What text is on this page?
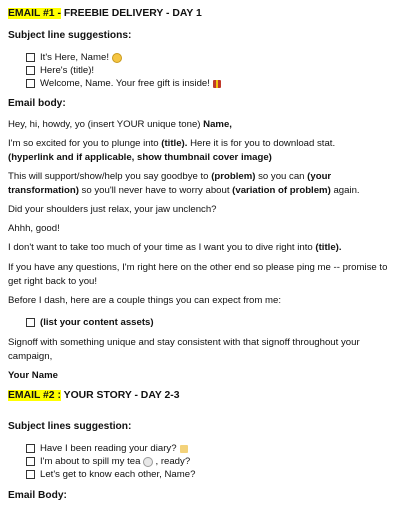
EMAIL #1 - FREEBIE DELIVERY - DAY 1
Subject line suggestions:
It's Here, Name!
Here's (title)!
Welcome, Name. Your free gift is inside!
Email body:

Hey, hi, howdy, yo (insert YOUR unique tone) Name,

I'm so excited for you to plunge into (title). Here it is for you to download stat.
(hyperlink and if applicable, show thumbnail cover image)

This will support/show/help you say goodbye to (problem) so you can (your transformation) so you'll never have to worry about (variation of problem) again.

Did your shoulders just relax, your jaw unclench?

Ahhh, good!

I don't want to take too much of your time as I want you to dive right into (title).

If you have any questions, I'm right here on the other end so please ping me -- promise to get right back to you!

Before I dash, here are a couple things you can expect from me:

(list your content assets)

Signoff with something unique and stay consistent with that signoff throughout your campaign,

Your Name

EMAIL #2 : YOUR STORY - DAY 2-3
Subject lines suggestion:
Have I been reading your diary?
I'm about to spill my tea , ready?
Let's get to know each other, Name?
Email Body:
